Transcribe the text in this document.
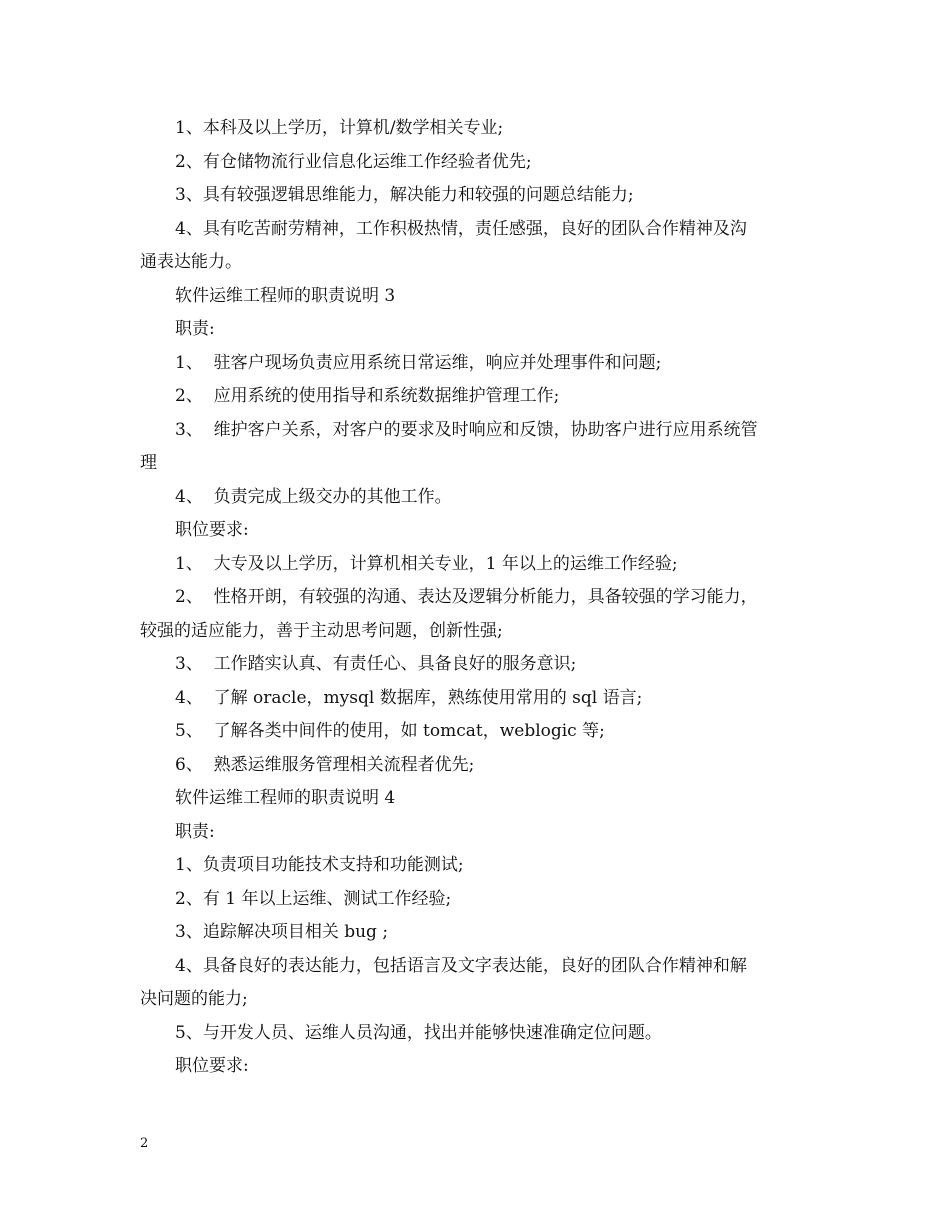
1、本科及以上学历，计算机/数学相关专业;
2、有仓储物流行业信息化运维工作经验者优先;
3、具有较强逻辑思维能力，解决能力和较强的问题总结能力;
4、具有吃苦耐劳精神，工作积极热情，责任感强，良好的团队合作精神及沟
通表达能力。
软件运维工程师的职责说明 3
职责:
1、  驻客户现场负责应用系统日常运维，响应并处理事件和问题;
2、  应用系统的使用指导和系统数据维护管理工作;
3、  维护客户关系，对客户的要求及时响应和反馈，协助客户进行应用系统管
理
4、  负责完成上级交办的其他工作。
职位要求:
1、  大专及以上学历，计算机相关专业，1 年以上的运维工作经验;
2、  性格开朗，有较强的沟通、表达及逻辑分析能力，具备较强的学习能力，
较强的适应能力，善于主动思考问题，创新性强;
3、  工作踏实认真、有责任心、具备良好的服务意识;
4、  了解 oracle，mysql 数据库，熟练使用常用的 sql 语言;
5、  了解各类中间件的使用，如 tomcat，weblogic 等;
6、  熟悉运维服务管理相关流程者优先;
软件运维工程师的职责说明 4
职责:
1、负责项目功能技术支持和功能测试;
2、有 1 年以上运维、测试工作经验;
3、追踪解决项目相关 bug ;
4、具备良好的表达能力，包括语言及文字表达能，良好的团队合作精神和解
决问题的能力;
5、与开发人员、运维人员沟通，找出并能够快速准确定位问题。
职位要求:
2
